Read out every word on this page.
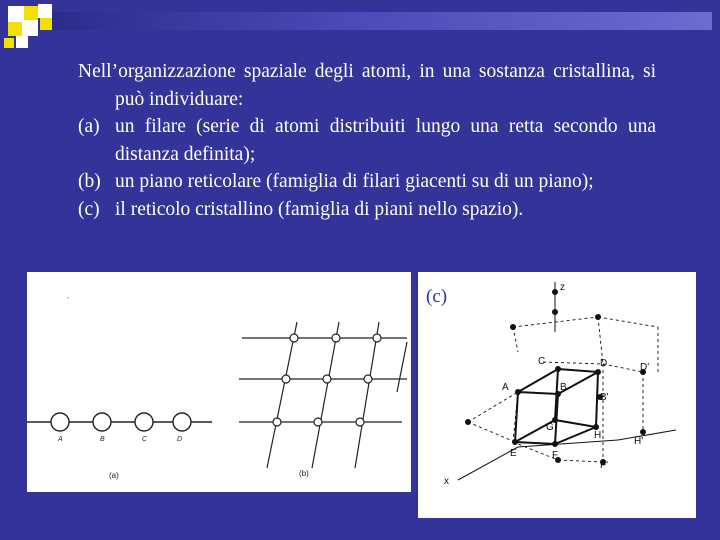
Nell’organizzazione spaziale degli atomi, in una sostanza cristallina, si può individuare:

(a) un filare (serie di atomi distribuiti lungo una retta secondo una distanza definita);

(b) un piano reticolare (famiglia di filari giacenti su di un piano);

(c) il reticolo cristallino (famiglia di piani nello spazio).

A	B	C	D
(a)	(b)
-
z
x
C	D	D'
A	B
B'
G
H
H'
E	F
F'
(c)
